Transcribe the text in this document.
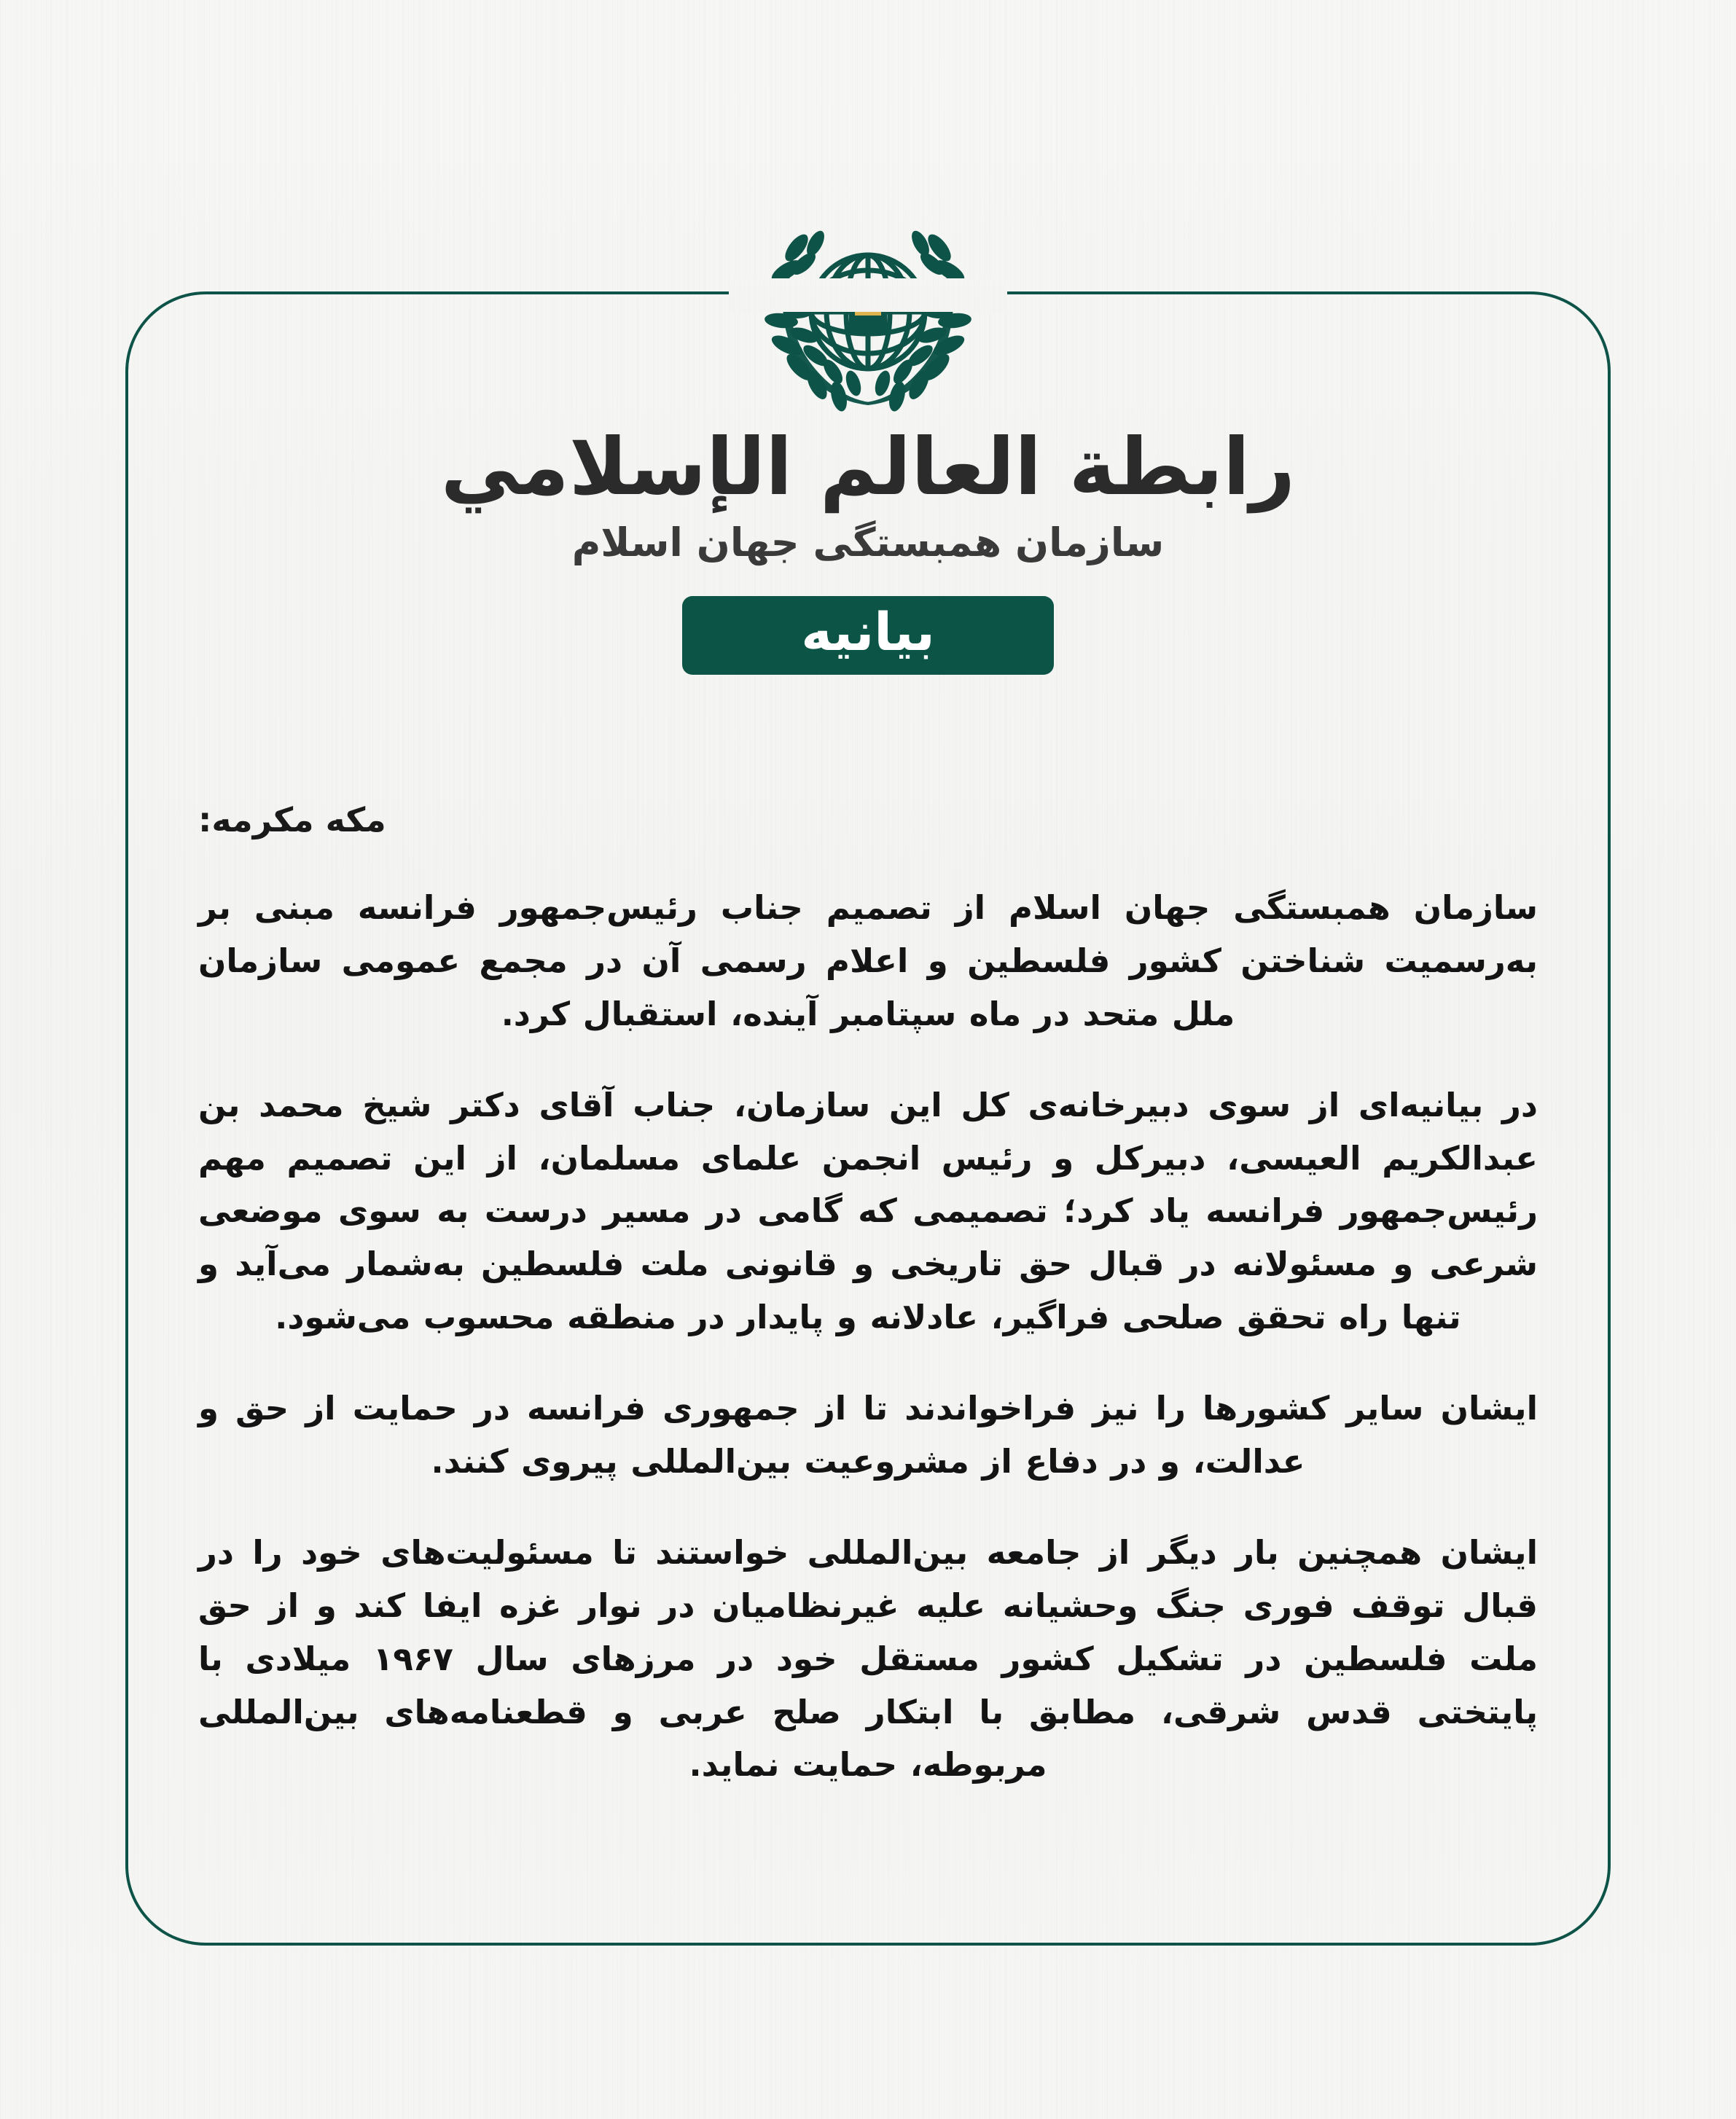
رابطة العالم الإسلامي
سازمان همبستگی جهان اسلام
بیانیه
مکه مکرمه:

سازمان همبستگی جهان اسلام از تصمیم جناب رئیس‌جمهور فرانسه مبنی بر به‌رسمیت شناختن کشور فلسطین و اعلام رسمی آن در مجمع عمومی سازمان ملل متحد در ماه سپتامبر آینده، استقبال کرد.

در بیانیه‌ای از سوی دبیرخانه‌ی کل این سازمان، جناب آقای دکتر شیخ محمد بن عبدالکریم العیسی، دبیرکل و رئیس انجمن علمای مسلمان، از این تصمیم مهم رئیس‌جمهور فرانسه یاد کرد؛ تصمیمی که گامی در مسیر درست به سوی موضعی شرعی و مسئولانه در قبال حق تاریخی و قانونی ملت فلسطین به‌شمار می‌آید و تنها راه تحقق صلحی فراگیر، عادلانه و پایدار در منطقه محسوب می‌شود.

ایشان سایر کشورها را نیز فراخواندند تا از جمهوری فرانسه در حمایت از حق و عدالت، و در دفاع از مشروعیت بین‌المللی پیروی کنند.

ایشان همچنین بار دیگر از جامعه بین‌المللی خواستند تا مسئولیت‌های خود را در قبال توقف فوری جنگ وحشیانه علیه غیرنظامیان در نوار غزه ایفا کند و از حق ملت فلسطین در تشکیل کشور مستقل خود در مرزهای سال ۱۹۶۷ میلادی با پایتختی قدس شرقی، مطابق با ابتکار صلح عربی و قطعنامه‌های بین‌المللی مربوطه، حمایت نماید.
